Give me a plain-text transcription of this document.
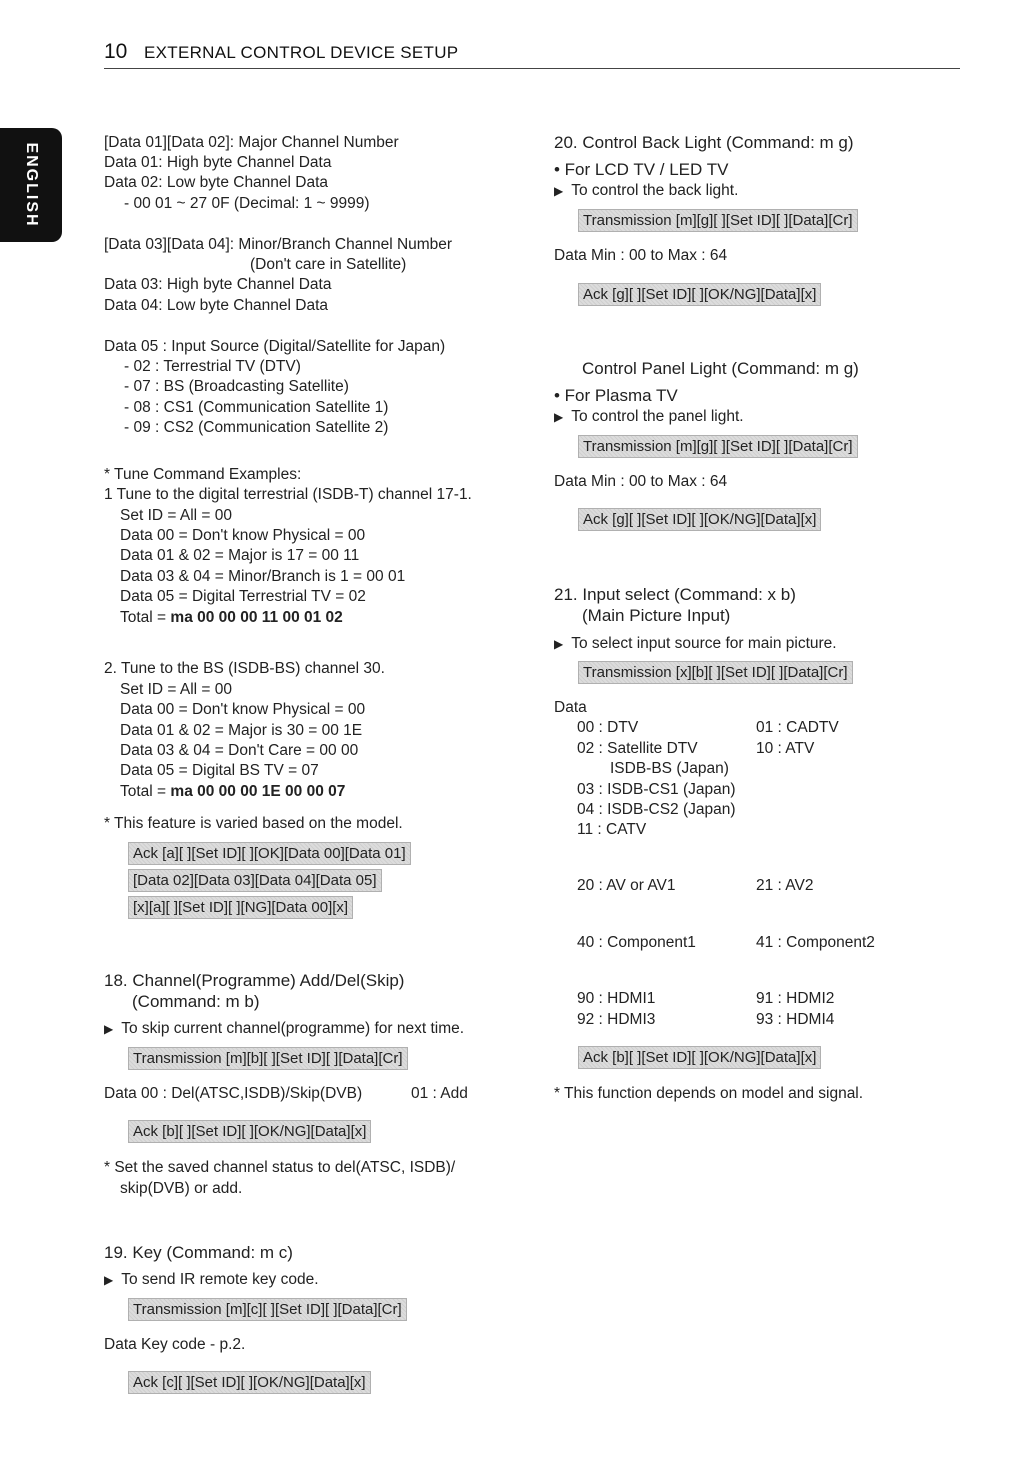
10 EXTERNAL CONTROL DEVICE SETUP
ENGLISH	[Data 01][Data 02]: Major Channel Number
Data 01: High byte Channel Data
Data 02: Low byte Channel Data
- 00 01 ~ 27 0F (Decimal: 1 ~ 9999)
[Data 03][Data 04]: Minor/Branch Channel Number
(Don't care in Satellite)
Data 03: High byte Channel Data
Data 04: Low byte Channel Data
Data 05 : Input Source (Digital/Satellite for Japan)
- 02 : Terrestrial TV (DTV)
- 07 : BS (Broadcasting Satellite)
- 08 : CS1 (Communication Satellite 1)
- 09 : CS2 (Communication Satellite 2)
* Tune Command Examples:
1 Tune to the digital terrestrial (ISDB-T) channel 17-1.
Set ID = All = 00
Data 00 = Don't know Physical = 00
Data 01 & 02 = Major is 17 = 00 11
Data 03 & 04 = Minor/Branch is 1 = 00 01
Data 05 = Digital Terrestrial TV = 02
Total = ma 00 00 00 11 00 01 02
2. Tune to the BS (ISDB-BS) channel 30.
Set ID = All = 00
Data 00 = Don't know Physical = 00
Data 01 & 02 = Major is 30 = 00 1E
Data 03 & 04 = Don't Care = 00 00
Data 05 = Digital BS TV = 07
Total = ma 00 00 00 1E 00 00 07
* This feature is varied based on the model.
Ack [a][ ][Set ID][ ][OK][Data 00][Data 01]
[Data 02][Data 03][Data 04][Data 05]
[x][a][ ][Set ID][ ][NG][Data 00][x]
18. Channel(Programme) Add/Del(Skip)
(Command: m b)
▶ To skip current channel(programme) for next time.
Transmission [m][b][ ][Set ID][ ][Data][Cr]
Data 00 : Del(ATSC,ISDB)/Skip(DVB)	01 : Add
Ack [b][ ][Set ID][ ][OK/NG][Data][x]
* Set the saved channel status to del(ATSC, ISDB)/
skip(DVB) or add.
19. Key (Command: m c)
▶ To send IR remote key code.
Transmission [m][c][ ][Set ID][ ][Data][Cr]
Data Key code - p.2.
Ack [c][ ][Set ID][ ][OK/NG][Data][x]
20. Control Back Light (Command: m g)
• For LCD TV / LED TV
▶ To control the back light.
Transmission [m][g][ ][Set ID][ ][Data][Cr]
Data Min : 00 to Max : 64
Ack [g][ ][Set ID][ ][OK/NG][Data][x]
Control Panel Light (Command: m g)
• For Plasma TV
▶ To control the panel light.
Transmission [m][g][ ][Set ID][ ][Data][Cr]
Data Min : 00 to Max : 64
Ack [g][ ][Set ID][ ][OK/NG][Data][x]
21. Input select (Command: x b)
(Main Picture Input)
▶ To select input source for main picture.
Transmission [x][b][ ][Set ID][ ][Data][Cr]
Data
00 : DTV	01 : CADTV
02 : Satellite DTV	10 : ATV
ISDB-BS (Japan)
03 : ISDB-CS1 (Japan)
04 : ISDB-CS2 (Japan)
11 : CATV
20 : AV or AV1	21 : AV2
40 : Component1	41 : Component2
90 : HDMI1	91 : HDMI2
92 : HDMI3	93 : HDMI4
Ack [b][ ][Set ID][ ][OK/NG][Data][x]
* This function depends on model and signal.
